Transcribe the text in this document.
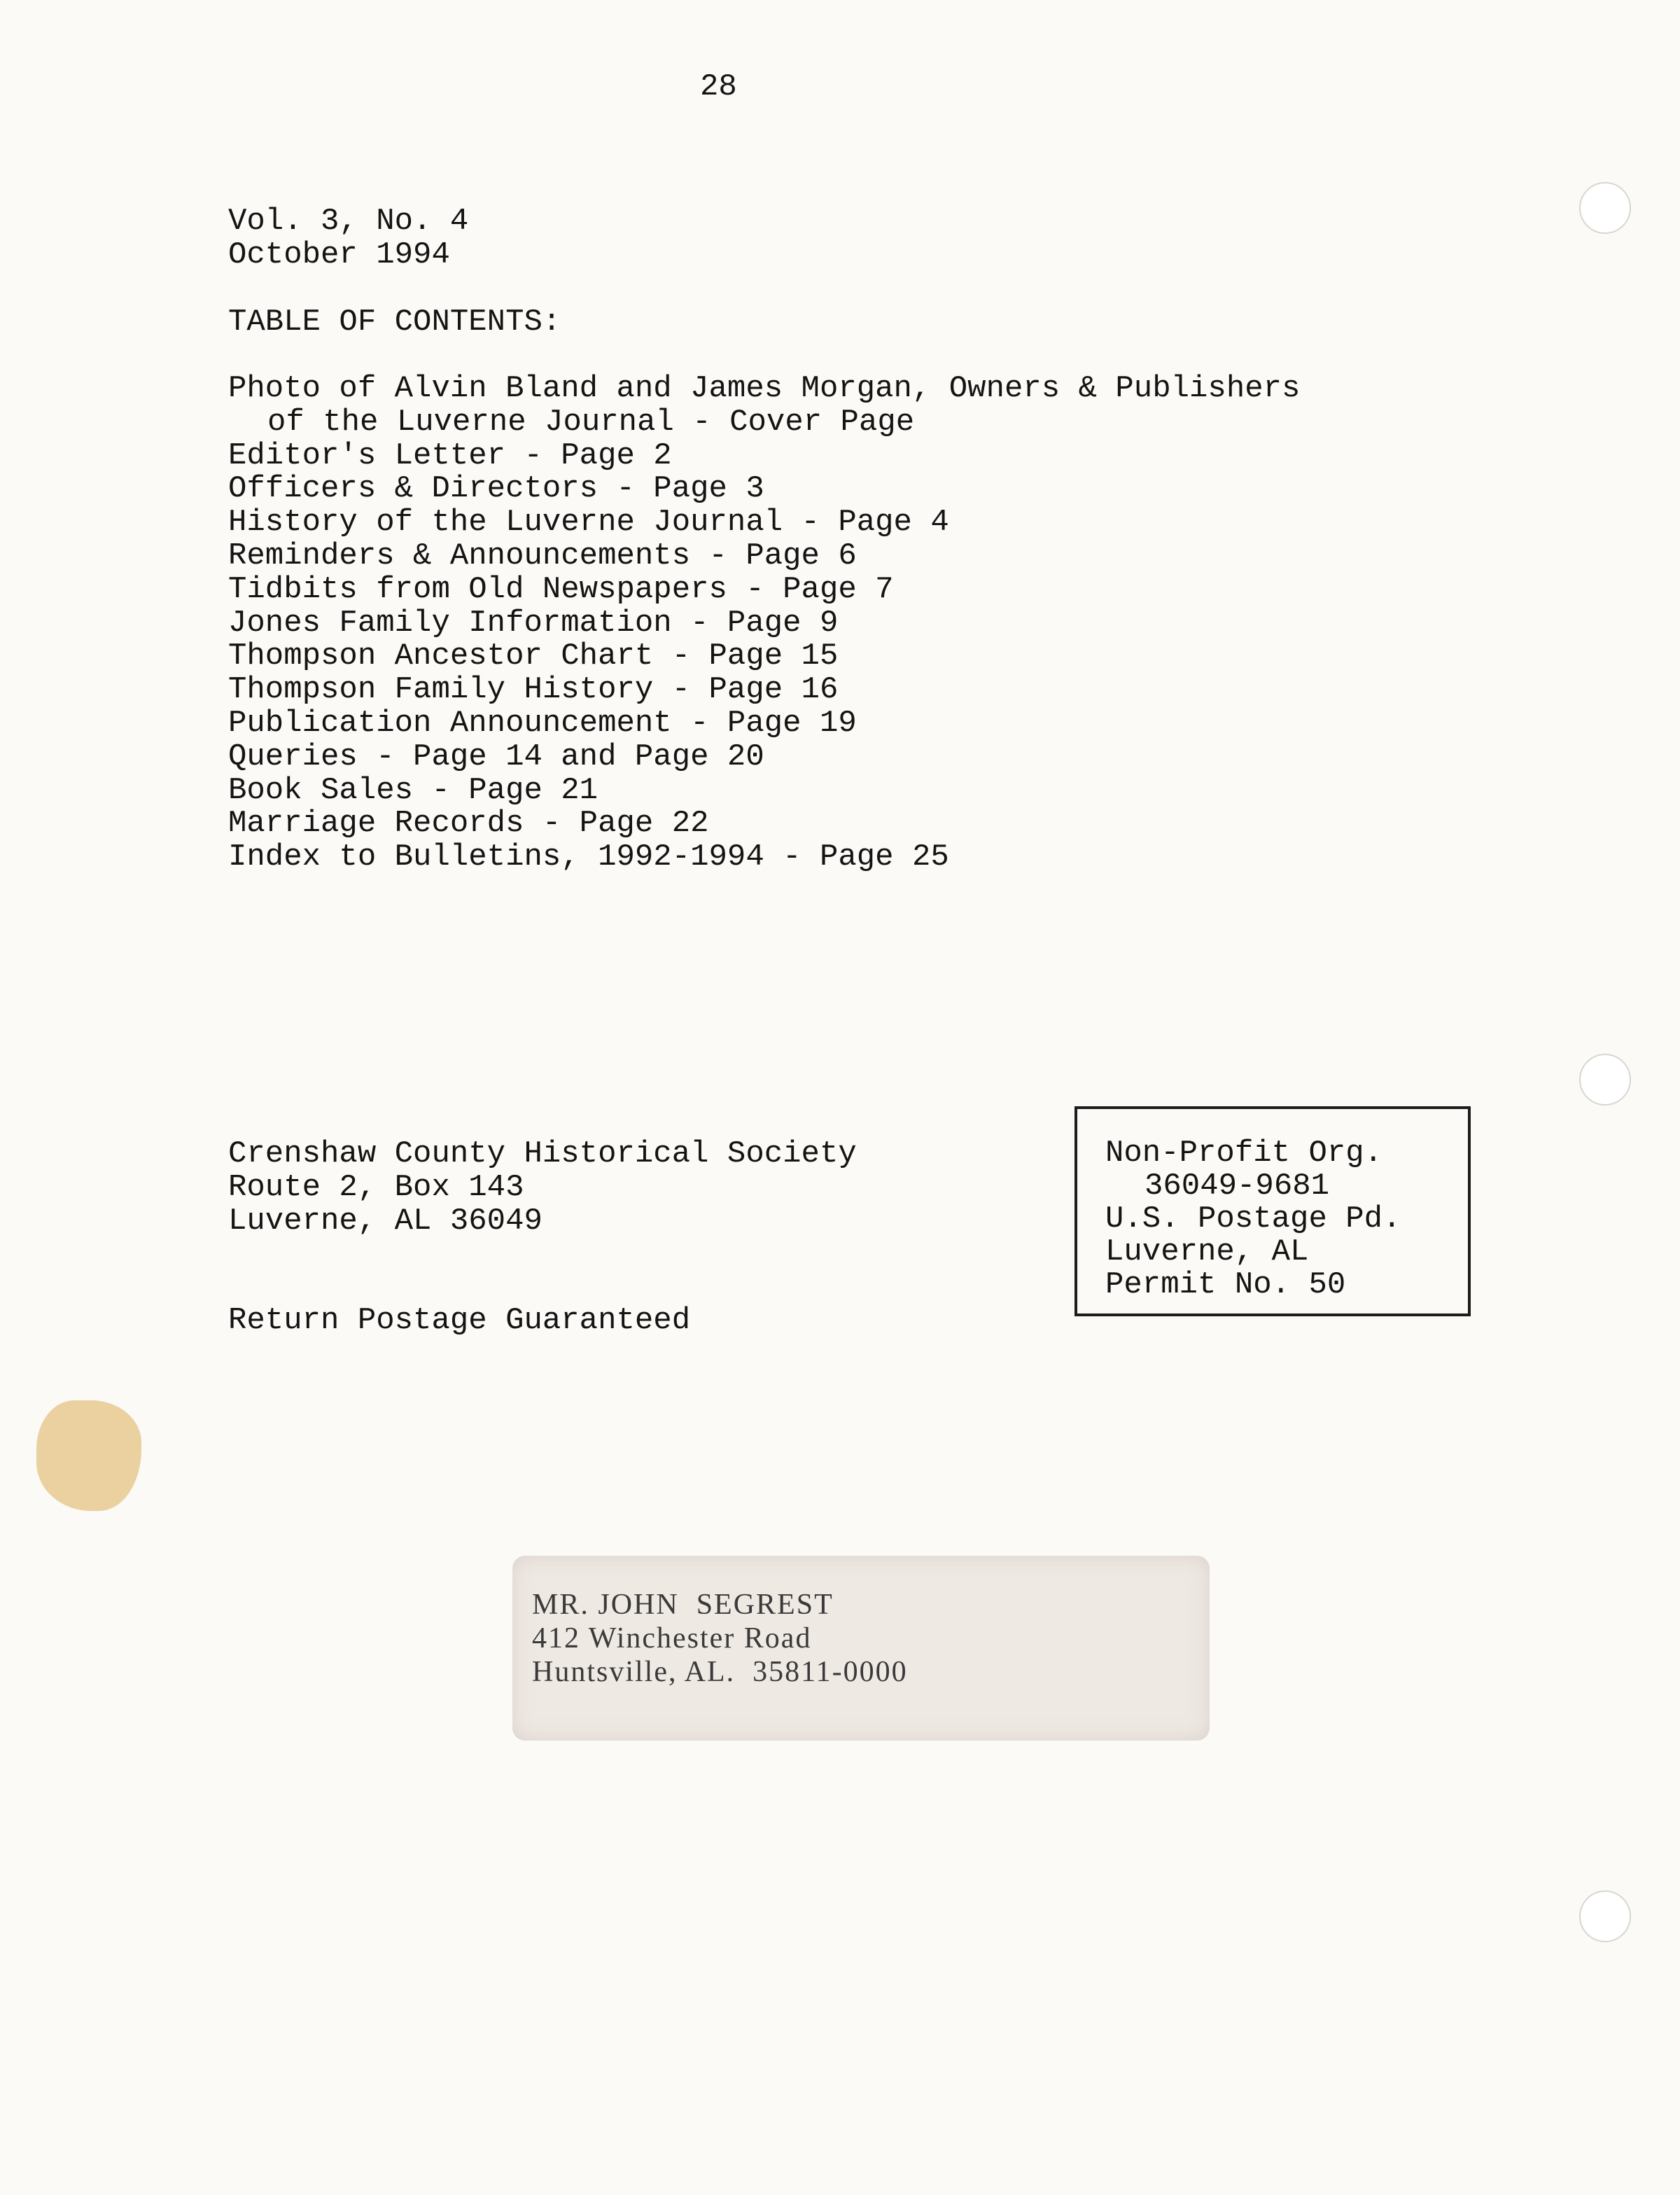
28
Vol. 3, No. 4
October 1994
TABLE OF CONTENTS:
Photo of Alvin Bland and James Morgan, Owners & Publishers
of the Luverne Journal - Cover Page
Editor's Letter - Page 2
Officers & Directors - Page 3
History of the Luverne Journal - Page 4
Reminders & Announcements - Page 6
Tidbits from Old Newspapers - Page 7
Jones Family Information - Page 9
Thompson Ancestor Chart - Page 15
Thompson Family History - Page 16
Publication Announcement - Page 19
Queries - Page 14 and Page 20
Book Sales - Page 21
Marriage Records - Page 22
Index to Bulletins, 1992-1994 - Page 25
Crenshaw County Historical Society
Route 2, Box 143
Luverne, AL 36049
Non-Profit Org.
36049-9681
U.S. Postage Pd.
Luverne, AL
Permit No. 50
Return Postage Guaranteed
MR. JOHN  SEGREST
412 Winchester Road
Huntsville, AL.  35811-0000
